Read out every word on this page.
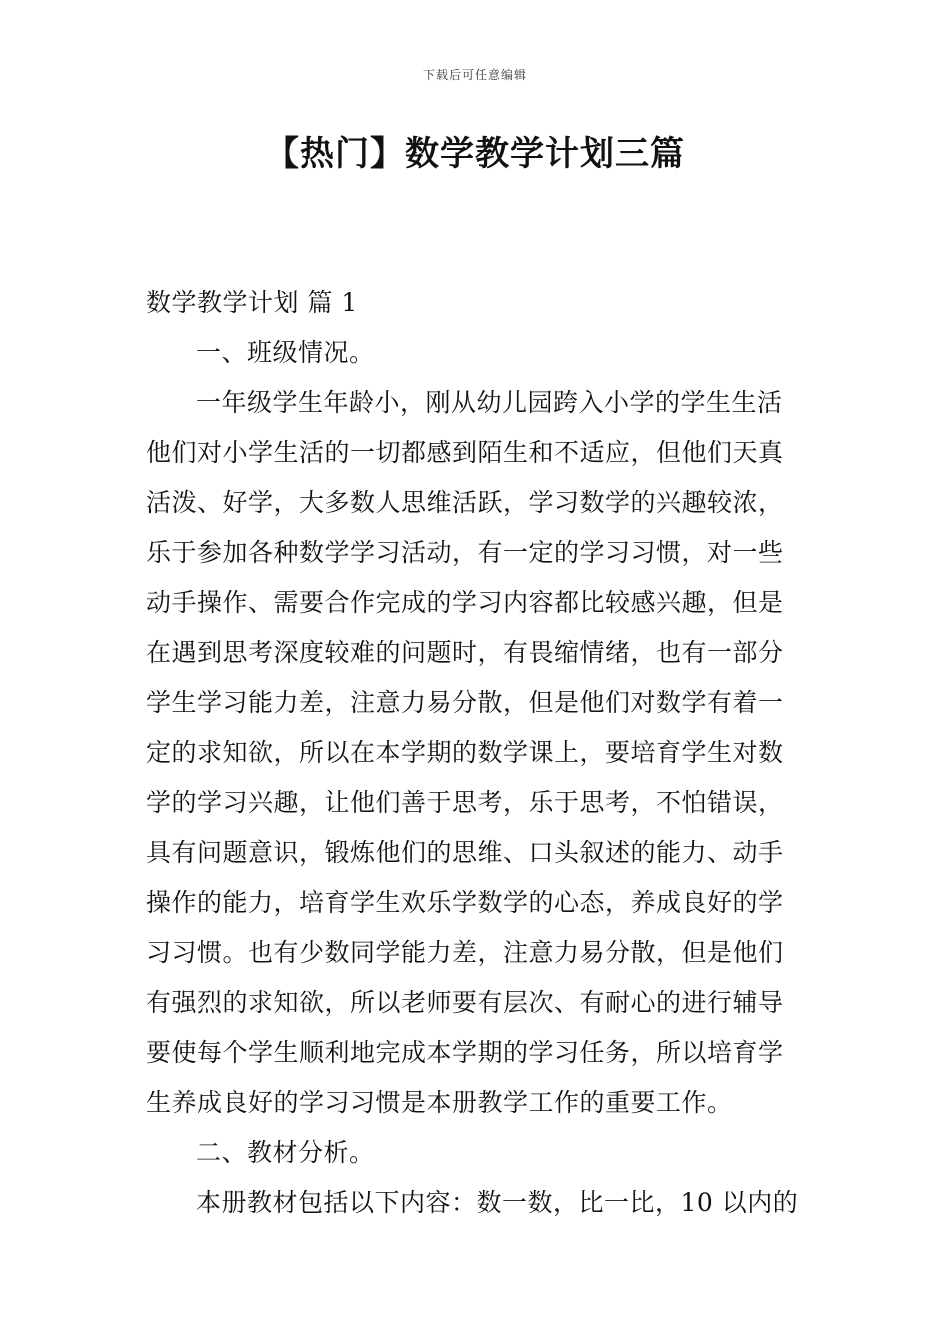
下载后可任意编辑
【热门】数学教学计划三篇

数学教学计划 篇 1

一、班级情况。

一年级学生年龄小，刚从幼儿园跨入小学的学生生活
他们对小学生活的一切都感到陌生和不适应，但他们天真
活泼、好学，大多数人思维活跃，学习数学的兴趣较浓，
乐于参加各种数学学习活动，有一定的学习习惯，对一些
动手操作、需要合作完成的学习内容都比较感兴趣，但是
在遇到思考深度较难的问题时，有畏缩情绪，也有一部分
学生学习能力差，注意力易分散，但是他们对数学有着一
定的求知欲，所以在本学期的数学课上，要培育学生对数
学的学习兴趣，让他们善于思考，乐于思考，不怕错误，
具有问题意识，锻炼他们的思维、口头叙述的能力、动手
操作的能力，培育学生欢乐学数学的心态，养成良好的学
习习惯。也有少数同学能力差，注意力易分散，但是他们
有强烈的求知欲，所以老师要有层次、有耐心的进行辅导
要使每个学生顺利地完成本学期的学习任务，所以培育学
生养成良好的学习习惯是本册教学工作的重要工作。

二、教材分析。

本册教材包括以下内容：数一数，比一比，10 以内的
